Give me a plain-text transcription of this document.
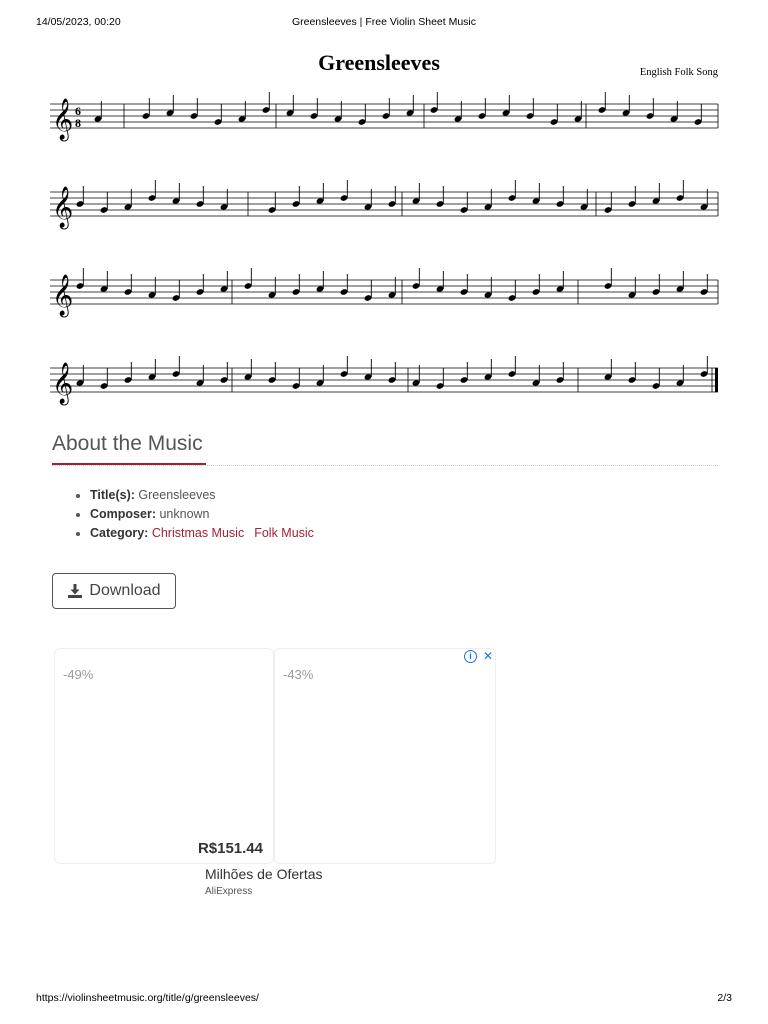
14/05/2023, 00:20	Greensleeves | Free Violin Sheet Music
Greensleeves	English Folk Song
𝄞 6
8
𝄞
𝄞
𝄞
About the Music
• Title(s): Greensleeves
• Composer: unknown
• Category: Christmas Music Folk Music
Download
-49%
R$151.44
-43%
i ✕
Milhões de Ofertas
AliExpress
https://violinsheetmusic.org/title/g/greensleeves/	2/3
